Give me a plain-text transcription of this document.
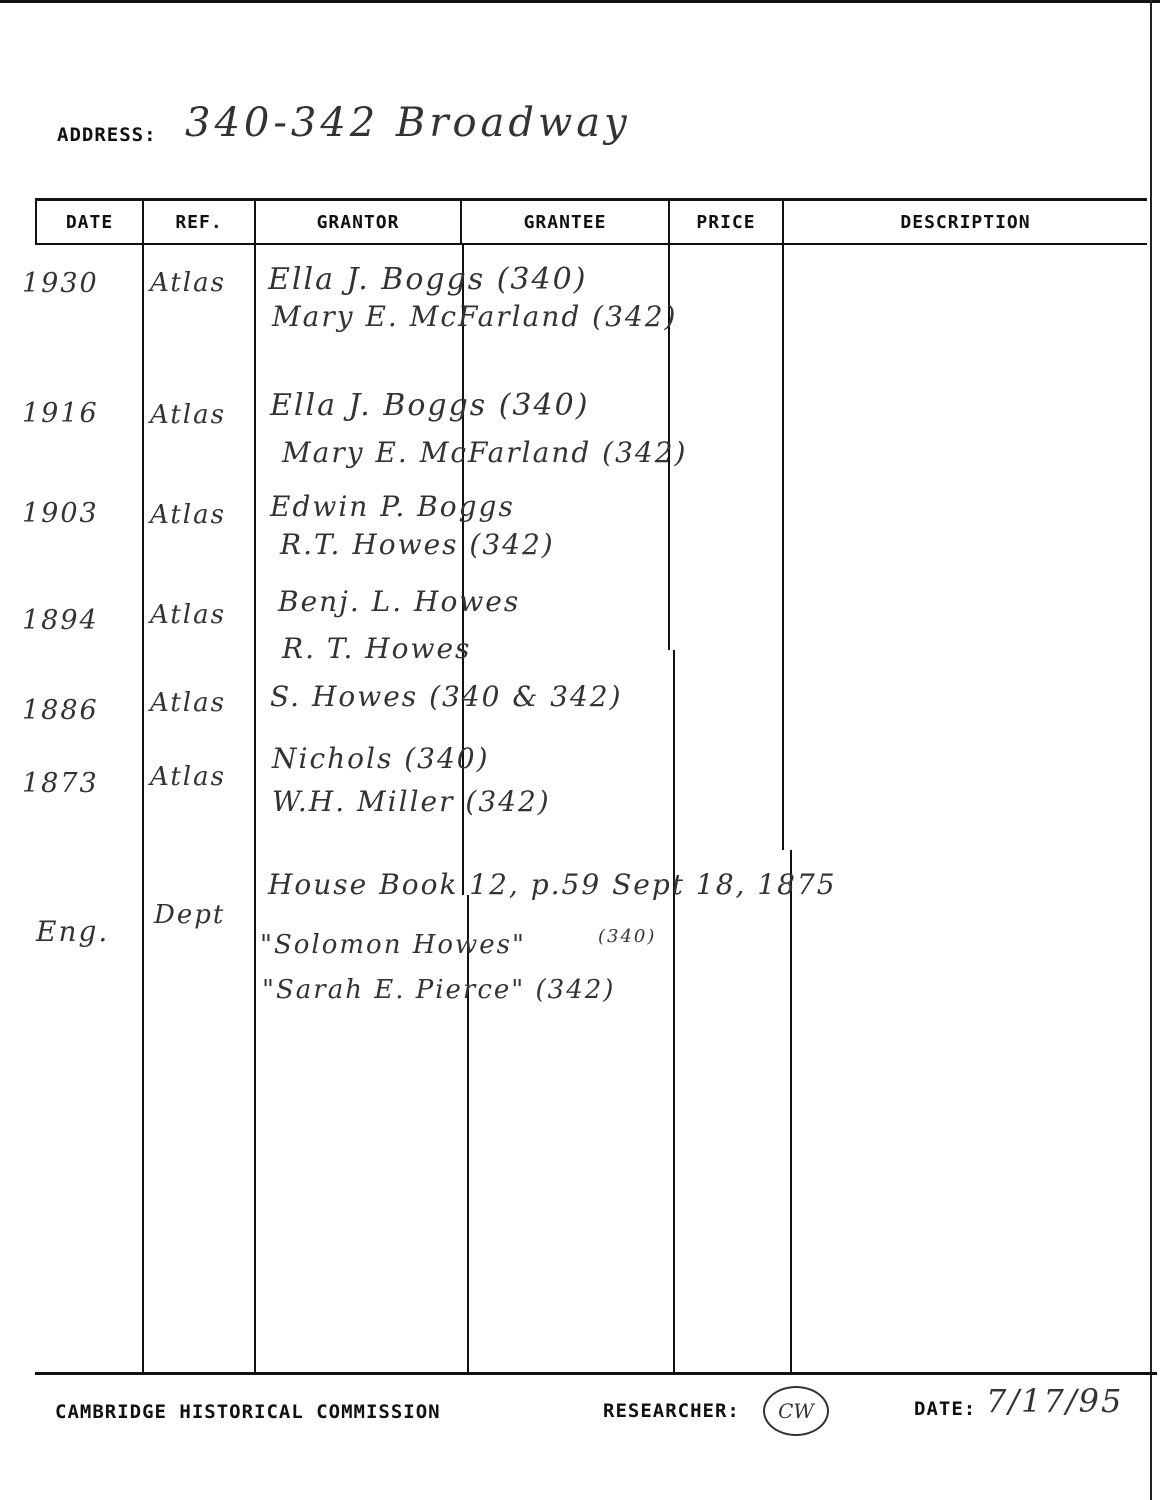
ADDRESS: 340-342 Broadway
DATE	REF.	GRANTOR	GRANTEE	PRICE	DESCRIPTION
1930 Atlas Ella J. Boggs (340)
Mary E. McFarland (342)
1916 Atlas Ella J. Boggs (340)
Mary E. McFarland (342)
1903 Atlas Edwin P. Boggs
R.T. Howes (342)
1894 Atlas Benj. L. Howes
R. T. Howes
1886 Atlas S. Howes (340 & 342)
1873 Atlas
Nichols (340)
W.H. Miller (342)
Eng. Dept
House Book 12, p.59 Sept 18, 1875
"Solomon Howes"	(340)
"Sarah E. Pierce" (342)
CAMBRIDGE HISTORICAL COMMISSION	RESEARCHER: CW	DATE: 7/17/95
